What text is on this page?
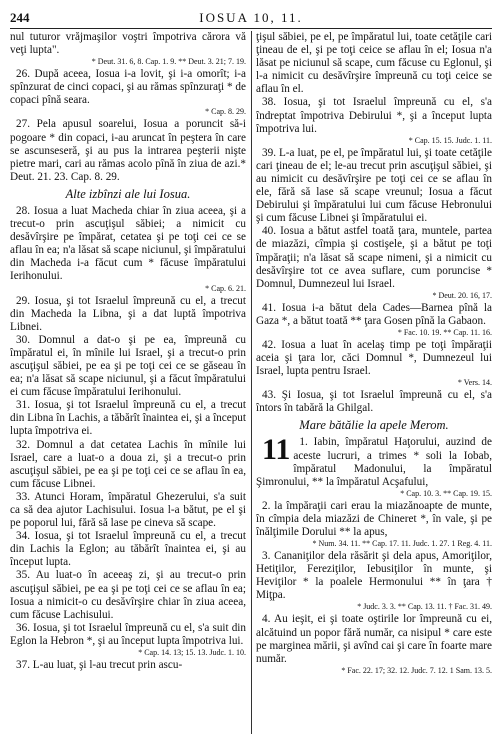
244	IOSUA 10, 11.

nul tuturor vrăjmaşilor voştri împotriva cărora vă veţi lupta".

* Deut. 31. 6, 8. Cap. 1. 9. ** Deut. 3. 21; 7. 19.

26. După aceea, Iosua i-a lovit, şi i-a omorît; i-a spînzurat de cinci copaci, şi au rămas spînzuraţi * de copaci pînă seara.

* Cap. 8. 29.

27. Pela apusul soarelui, Iosua a poruncit să-i pogoare * din copaci, i-au aruncat în peştera în care se ascunseseră, şi au pus la intrarea peşterii nişte pietre mari, cari au rămas acolo pînă în ziua de azi.* Deut. 21. 23. Cap. 8. 29.

Alte izbînzi ale lui Iosua.

28. Iosua a luat Macheda chiar în ziua aceea, şi a trecut-o prin ascuţişul săbiei; a nimicit cu desăvîrşire pe împărat, cetatea şi pe toţi cei ce se aflau în ea; n'a lăsat să scape niciunul, şi împăratului din Macheda i-a făcut cum * făcuse împăratului Ierihonului.

* Cap. 6. 21.

29. Iosua, şi tot Israelul împreună cu el, a trecut din Macheda la Libna, şi a dat luptă împotriva Libnei.

30. Domnul a dat-o şi pe ea, împreună cu împăratul ei, în mînile lui Israel, şi a trecut-o prin ascuţişul săbiei, pe ea şi pe toţi cei ce se găseau în ea; n'a lăsat să scape niciunul, şi a făcut împăratului ei cum făcuse împăratului Ierihonului.

31. Iosua, şi tot Israelul împreună cu el, a trecut din Libna în Lachis, a tăbărît înaintea ei, şi a început lupta împotriva ei.

32. Domnul a dat cetatea Lachis în mînile lui Israel, care a luat-o a doua zi, şi a trecut-o prin ascuţişul săbiei, pe ea şi pe toţi cei ce se aflau în ea, cum făcuse Libnei.

33. Atunci Horam, împăratul Ghezerului, s'a suit ca să dea ajutor Lachisului. Iosua l-a bătut, pe el şi pe poporul lui, fără să lase pe cineva să scape.

34. Iosua, şi tot Israelul împreună cu el, a trecut din Lachis la Eglon; au tăbărît înaintea ei, şi au început lupta.

35. Au luat-o în aceeaş zi, şi au trecut-o prin ascuţişul săbiei, pe ea şi pe toţi cei ce se aflau în ea; Iosua a nimicit-o cu desăvîrşire chiar în ziua aceea, cum făcuse Lachisului.

36. Iosua, şi tot Israelul împreună cu el, s'a suit din Eglon la Hebron *, şi au început lupta împotriva lui.

* Cap. 14. 13; 15. 13. Judc. 1. 10.

37. L-au luat, şi l-au trecut prin ascu-

ţişul săbiei, pe el, pe împăratul lui, toate cetăţile cari ţineau de el, şi pe toţi ceice se aflau în el; Iosua n'a lăsat pe niciunul să scape, cum făcuse cu Eglonul, şi l-a nimicit cu desăvîrşire împreună cu toţi ceice se aflau în el.

38. Iosua, şi tot Israelul împreună cu el, s'a îndreptat împotriva Debirului *, şi a început lupta împotriva lui.

* Cap. 15. 15. Judc. 1. 11.

39. L-a luat, pe el, pe împăratul lui, şi toate cetăţile cari ţineau de el; le-au trecut prin ascuţişul săbiei, şi au nimicit cu desăvîrşire pe toţi cei ce se aflau în ele, fără să lase să scape vreunul; Iosua a făcut Debirului şi împăratului lui cum făcuse Hebronului şi cum făcuse Libnei şi împăratului ei.

40. Iosua a bătut astfel toată ţara, muntele, partea de miazăzi, cîmpia şi costişele, şi a bătut pe toţi împăraţii; n'a lăsat să scape nimeni, şi a nimicit cu desăvîrşire tot ce avea suflare, cum poruncise * Domnul, Dumnezeul lui Israel.

* Deut. 20. 16, 17.

41. Iosua i-a bătut dela Cades—Barnea pînă la Gaza *, a bătut toată ** ţara Gosen pînă la Gabaon.

* Fac. 10. 19. ** Cap. 11. 16.

42. Iosua a luat în acelaş timp pe toţi împăraţii aceia şi ţara lor, căci Domnul *, Dumnezeul lui Israel, lupta pentru Israel.

* Vers. 14.

43. Şi Iosua, şi tot Israelul împreună cu el, s'a întors în tabără la Ghilgal.

Mare bătălie la apele Merom.

11 1. Iabin, împăratul Haţorului, auzind de aceste lucruri, a trimes * soli la Iobab, împăratul Madonului, la împăratul Şimronului, ** la împăratul Acşafului,

* Cap. 10. 3. ** Cap. 19. 15.

2. la împăraţii cari erau la miazănoapte de munte, în cîmpia dela miazăzi de Chineret *, în vale, şi pe înălţimile Dorului ** la apus,

* Num. 34. 11. ** Cap. 17. 11. Judc. 1. 27. 1 Reg. 4. 11.

3. Cananiţilor dela răsărit şi dela apus, Amoriţilor, Hetiţilor, Fereziţilor, Iebusiţilor în munte, şi Heviţilor * la poalele Hermonului ** în ţara † Miţpa.

* Judc. 3. 3. ** Cap. 13. 11. † Fac. 31. 49.

4. Au ieşit, ei şi toate oştirile lor împreună cu ei, alcătuind un popor fără număr, ca nisipul * care este pe marginea mării, şi avînd cai şi care în foarte mare număr.

* Fac. 22. 17; 32. 12. Judc. 7. 12. 1 Sam. 13. 5.
